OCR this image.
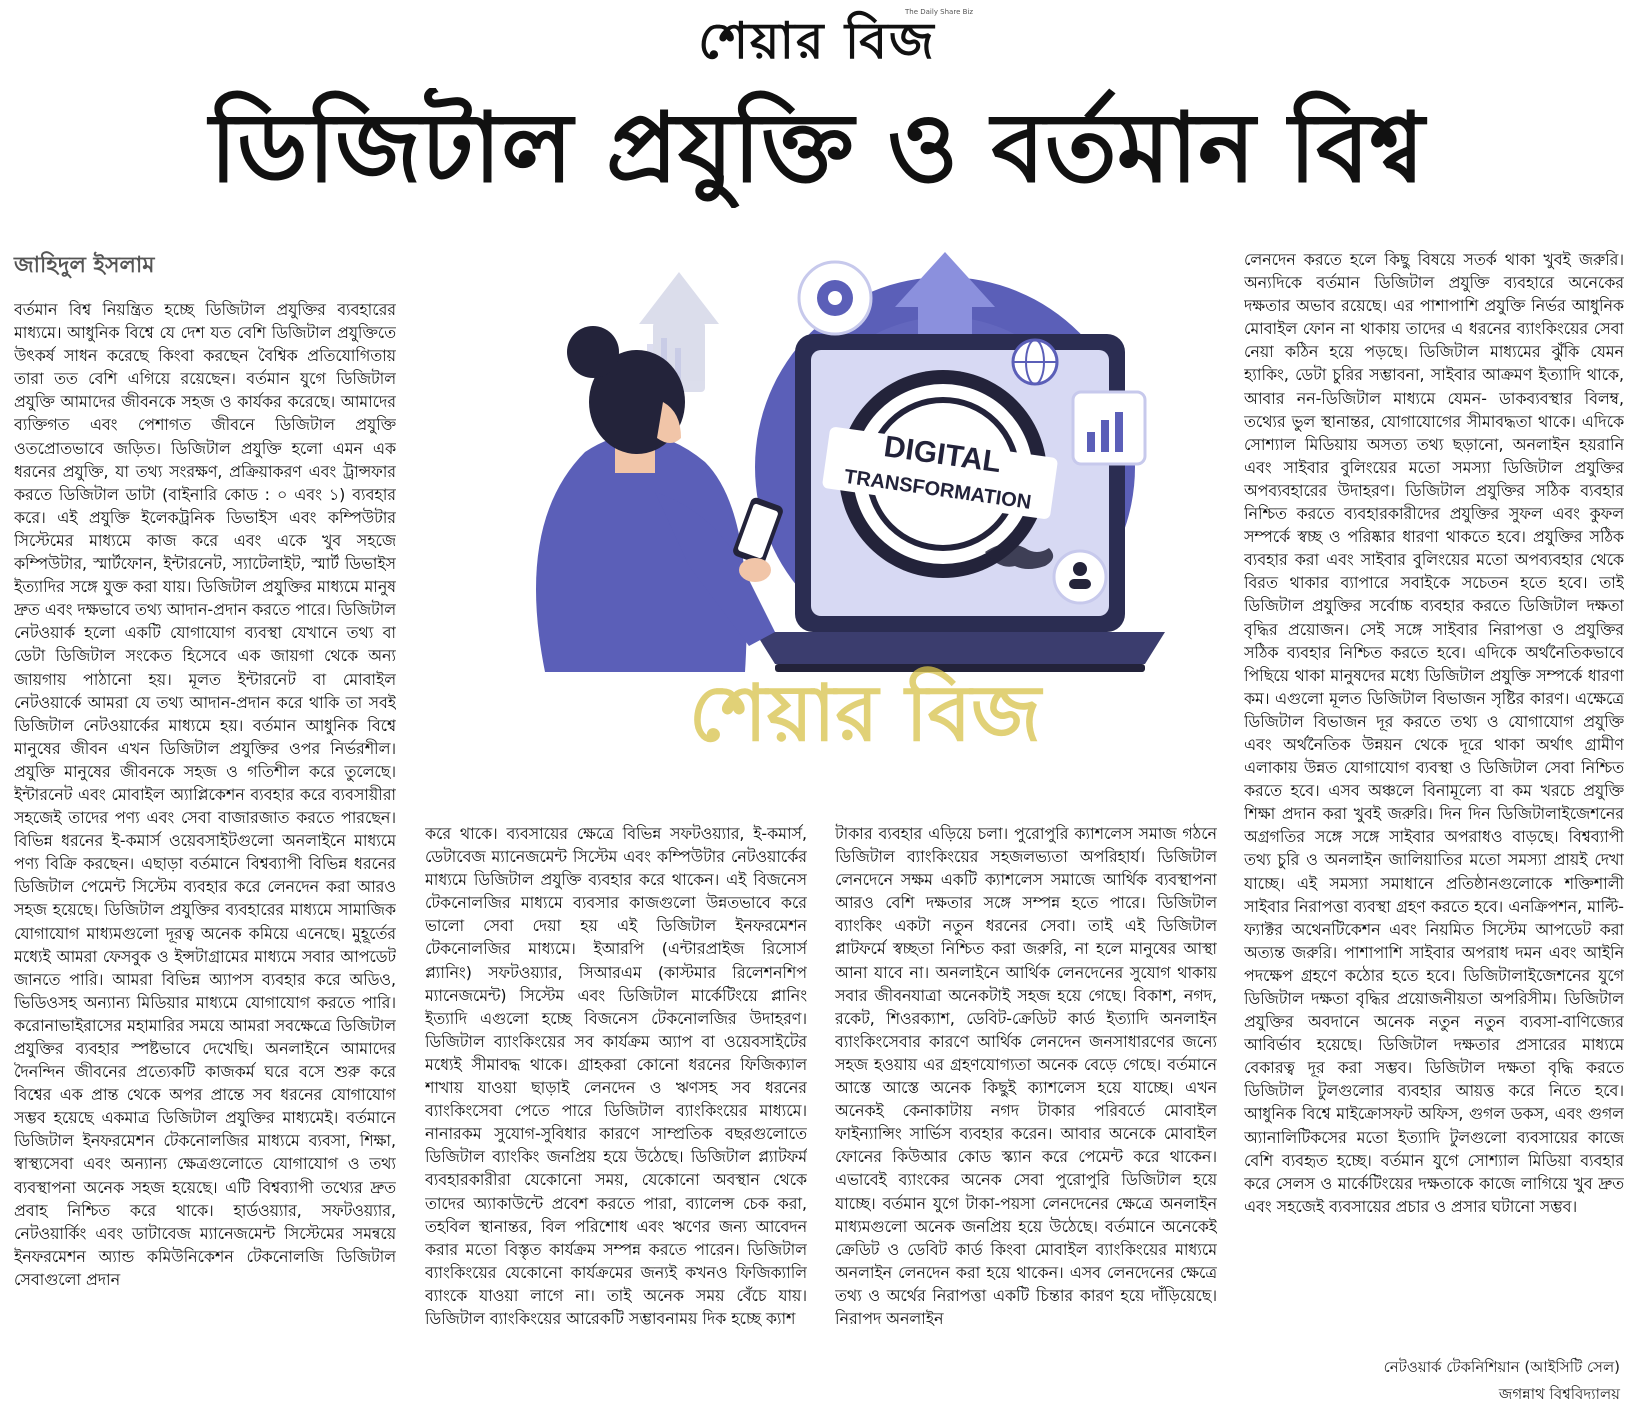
শেয়ার বিজ
The Daily Share Biz
ডিজিটাল প্রযুক্তি ও বর্তমান বিশ্ব
জাহিদুল ইসলাম

বর্তমান বিশ্ব নিয়ন্ত্রিত হচ্ছে ডিজিটাল প্রযুক্তির ব্যবহারের মাধ্যমে। আধুনিক বিশ্বে যে দেশ যত বেশি ডিজিটাল প্রযুক্তিতে উৎকর্ষ সাধন করেছে কিংবা করছেন বৈশ্বিক প্রতিযোগিতায় তারা তত বেশি এগিয়ে রয়েছেন। বর্তমান যুগে ডিজিটাল প্রযুক্তি আমাদের জীবনকে সহজ ও কার্যকর করেছে। আমাদের ব্যক্তিগত এবং পেশাগত জীবনে ডিজিটাল প্রযুক্তি ওতপ্রোতভাবে জড়িত। ডিজিটাল প্রযুক্তি হলো এমন এক ধরনের প্রযুক্তি, যা তথ্য সংরক্ষণ, প্রক্রিয়াকরণ এবং ট্রান্সফার করতে ডিজিটাল ডাটা (বাইনারি কোড : ০ এবং ১) ব্যবহার করে। এই প্রযুক্তি ইলেকট্রনিক ডিভাইস এবং কম্পিউটার সিস্টেমের মাধ্যমে কাজ করে এবং একে খুব সহজে কম্পিউটার, স্মার্টফোন, ইন্টারনেট, স্যাটেলাইট, স্মার্ট ডিভাইস ইত্যাদির সঙ্গে যুক্ত করা যায়। ডিজিটাল প্রযুক্তির মাধ্যমে মানুষ দ্রুত এবং দক্ষভাবে তথ্য আদান-প্রদান করতে পারে। ডিজিটাল নেটওয়ার্ক হলো একটি যোগাযোগ ব্যবস্থা যেখানে তথ্য বা ডেটা ডিজিটাল সংকেত হিসেবে এক জায়গা থেকে অন্য জায়গায় পাঠানো হয়। মূলত ইন্টারনেট বা মোবাইল নেটওয়ার্কে আমরা যে তথ্য আদান-প্রদান করে থাকি তা সবই ডিজিটাল নেটওয়ার্কের মাধ্যমে হয়। বর্তমান আধুনিক বিশ্বে মানুষের জীবন এখন ডিজিটাল প্রযুক্তির ওপর নির্ভরশীল। প্রযুক্তি মানুষের জীবনকে সহজ ও গতিশীল করে তুলেছে। ইন্টারনেট এবং মোবাইল অ্যাপ্লিকেশন ব্যবহার করে ব্যবসায়ীরা সহজেই তাদের পণ্য এবং সেবা বাজারজাত করতে পারছেন। বিভিন্ন ধরনের ই-কমার্স ওয়েবসাইটগুলো অনলাইনে মাধ্যমে পণ্য বিক্রি করছেন। এছাড়া বর্তমানে বিশ্বব্যাপী বিভিন্ন ধরনের ডিজিটাল পেমেন্ট সিস্টেম ব্যবহার করে লেনদেন করা আরও সহজ হয়েছে। ডিজিটাল প্রযুক্তির ব্যবহারের মাধ্যমে সামাজিক যোগাযোগ মাধ্যমগুলো দূরত্ব অনেক কমিয়ে এনেছে। মুহূর্তের মধ্যেই আমরা ফেসবুক ও ইন্সটাগ্রামের মাধ্যমে সবার আপডেট জানতে পারি। আমরা বিভিন্ন অ্যাপস ব্যবহার করে অডিও, ভিডিওসহ অন্যান্য মিডিয়ার মাধ্যমে যোগাযোগ করতে পারি। করোনাভাইরাসের মহামারির সময়ে আমরা সবক্ষেত্রে ডিজিটাল প্রযুক্তির ব্যবহার স্পষ্টভাবে দেখেছি। অনলাইনে আমাদের দৈনন্দিন জীবনের প্রত্যেকটি কাজকর্ম ঘরে বসে শুরু করে বিশ্বের এক প্রান্ত থেকে অপর প্রান্তে সব ধরনের যোগাযোগ সম্ভব হয়েছে একমাত্র ডিজিটাল প্রযুক্তির মাধ্যমেই। বর্তমানে ডিজিটাল ইনফরমেশন টেকনোলজির মাধ্যমে ব্যবসা, শিক্ষা, স্বাস্থ্যসেবা এবং অন্যান্য ক্ষেত্রগুলোতে যোগাযোগ ও তথ্য ব্যবস্থাপনা অনেক সহজ হয়েছে। এটি বিশ্বব্যাপী তথ্যের দ্রুত প্রবাহ নিশ্চিত করে থাকে। হার্ডওয়্যার, সফটওয়্যার, নেটওয়ার্কিং এবং ডাটাবেজ ম্যানেজমেন্ট সিস্টেমের সমন্বয়ে ইনফরমেশন অ্যান্ড কমিউনিকেশন টেকনোলজি ডিজিটাল সেবাগুলো প্রদান

DIGITAL
TRANSFORMATION
শেয়ার বিজ

করে থাকে। ব্যবসায়ের ক্ষেত্রে বিভিন্ন সফটওয়্যার, ই-কমার্স, ডেটাবেজ ম্যানেজমেন্ট সিস্টেম এবং কম্পিউটার নেটওয়ার্কের মাধ্যমে ডিজিটাল প্রযুক্তি ব্যবহার করে থাকেন। এই বিজনেস টেকনোলজির মাধ্যমে ব্যবসার কাজগুলো উন্নতভাবে করে ভালো সেবা দেয়া হয় এই ডিজিটাল ইনফরমেশন টেকনোলজির মাধ্যমে। ইআরপি (এন্টারপ্রাইজ রিসোর্স প্ল্যানিং) সফটওয়্যার, সিআরএম (কাস্টমার রিলেশনশিপ ম্যানেজমেন্ট) সিস্টেম এবং ডিজিটাল মার্কেটিংয়ে প্লানিং ইত্যাদি এগুলো হচ্ছে বিজনেস টেকনোলজির উদাহরণ। ডিজিটাল ব্যাংকিংয়ের সব কার্যক্রম অ্যাপ বা ওয়েবসাইটের মধ্যেই সীমাবদ্ধ থাকে। গ্রাহকরা কোনো ধরনের ফিজিক্যাল শাখায় যাওয়া ছাড়াই লেনদেন ও ঋণসহ সব ধরনের ব্যাংকিংসেবা পেতে পারে ডিজিটাল ব্যাংকিংয়ের মাধ্যমে। নানারকম সুযোগ-সুবিধার কারণে সাম্প্রতিক বছরগুলোতে ডিজিটাল ব্যাংকিং জনপ্রিয় হয়ে উঠেছে। ডিজিটাল প্ল্যাটফর্ম ব্যবহারকারীরা যেকোনো সময়, যেকোনো অবস্থান থেকে তাদের অ্যাকাউন্টে প্রবেশ করতে পারা, ব্যালেন্স চেক করা, তহবিল স্থানান্তর, বিল পরিশোধ এবং ঋণের জন্য আবেদন করার মতো বিস্তৃত কার্যক্রম সম্পন্ন করতে পারেন। ডিজিটাল ব্যাংকিংয়ের যেকোনো কার্যক্রমের জন্যই কখনও ফিজিক্যালি ব্যাংকে যাওয়া লাগে না। তাই অনেক সময় বেঁচে যায়। ডিজিটাল ব্যাংকিংয়ের আরেকটি সম্ভাবনাময় দিক হচ্ছে ক্যাশ

টাকার ব্যবহার এড়িয়ে চলা। পুরোপুরি ক্যাশলেস সমাজ গঠনে ডিজিটাল ব্যাংকিংয়ের সহজলভ্যতা অপরিহার্য। ডিজিটাল লেনদেনে সক্ষম একটি ক্যাশলেস সমাজে আর্থিক ব্যবস্থাপনা আরও বেশি দক্ষতার সঙ্গে সম্পন্ন হতে পারে। ডিজিটাল ব্যাংকিং একটা নতুন ধরনের সেবা। তাই এই ডিজিটাল প্লাটফর্মে স্বচ্ছতা নিশ্চিত করা জরুরি, না হলে মানুষের আস্থা আনা যাবে না। অনলাইনে আর্থিক লেনদেনের সুযোগ থাকায় সবার জীবনযাত্রা অনেকটাই সহজ হয়ে গেছে। বিকাশ, নগদ, রকেট, শিওরক্যাশ, ডেবিট-ক্রেডিট কার্ড ইত্যাদি অনলাইন ব্যাংকিংসেবার কারণে আর্থিক লেনদেন জনসাধারণের জন্যে সহজ হওয়ায় এর গ্রহণযোগ্যতা অনেক বেড়ে গেছে। বর্তমানে আস্তে আস্তে অনেক কিছুই ক্যাশলেস হয়ে যাচ্ছে। এখন অনেকই কেনাকাটায় নগদ টাকার পরিবর্তে মোবাইল ফাইন্যান্সিং সার্ভিস ব্যবহার করেন। আবার অনেকে মোবাইল ফোনের কিউআর কোড স্ক্যান করে পেমেন্ট করে থাকেন। এভাবেই ব্যাংকের অনেক সেবা পুরোপুরি ডিজিটাল হয়ে যাচ্ছে। বর্তমান যুগে টাকা-পয়সা লেনদেনের ক্ষেত্রে অনলাইন মাধ্যমগুলো অনেক জনপ্রিয় হয়ে উঠেছে। বর্তমানে অনেকেই ক্রেডিট ও ডেবিট কার্ড কিংবা মোবাইল ব্যাংকিংয়ের মাধ্যমে অনলাইন লেনদেন করা হয়ে থাকেন। এসব লেনদেনের ক্ষেত্রে তথ্য ও অর্থের নিরাপত্তা একটি চিন্তার কারণ হয়ে দাঁড়িয়েছে। নিরাপদ অনলাইন

লেনদেন করতে হলে কিছু বিষয়ে সতর্ক থাকা খুবই জরুরি। অন্যদিকে বর্তমান ডিজিটাল প্রযুক্তি ব্যবহারে অনেকের দক্ষতার অভাব রয়েছে। এর পাশাপাশি প্রযুক্তি নির্ভর আধুনিক মোবাইল ফোন না থাকায় তাদের এ ধরনের ব্যাংকিংয়ের সেবা নেয়া কঠিন হয়ে পড়ছে। ডিজিটাল মাধ্যমের ঝুঁকি যেমন হ্যাকিং, ডেটা চুরির সম্ভাবনা, সাইবার আক্রমণ ইত্যাদি থাকে, আবার নন-ডিজিটাল মাধ্যমে যেমন- ডাকব্যবস্থার বিলম্ব, তথ্যের ভুল স্থানান্তর, যোগাযোগের সীমাবদ্ধতা থাকে। এদিকে সোশ্যাল মিডিয়ায় অসত্য তথ্য ছড়ানো, অনলাইন হয়রানি এবং সাইবার বুলিংয়ের মতো সমস্যা ডিজিটাল প্রযুক্তির অপব্যবহারের উদাহরণ। ডিজিটাল প্রযুক্তির সঠিক ব্যবহার নিশ্চিত করতে ব্যবহারকারীদের প্রযুক্তির সুফল এবং কুফল সম্পর্কে স্বচ্ছ ও পরিষ্কার ধারণা থাকতে হবে। প্রযুক্তির সঠিক ব্যবহার করা এবং সাইবার বুলিংয়ের মতো অপব্যবহার থেকে বিরত থাকার ব্যাপারে সবাইকে সচেতন হতে হবে। তাই ডিজিটাল প্রযুক্তির সর্বোচ্চ ব্যবহার করতে ডিজিটাল দক্ষতা বৃদ্ধির প্রয়োজন। সেই সঙ্গে সাইবার নিরাপত্তা ও প্রযুক্তির সঠিক ব্যবহার নিশ্চিত করতে হবে। এদিকে অর্থনৈতিকভাবে পিছিয়ে থাকা মানুষদের মধ্যে ডিজিটাল প্রযুক্তি সম্পর্কে ধারণা কম। এগুলো মূলত ডিজিটাল বিভাজন সৃষ্টির কারণ। এক্ষেত্রে ডিজিটাল বিভাজন দূর করতে তথ্য ও যোগাযোগ প্রযুক্তি এবং অর্থনৈতিক উন্নয়ন থেকে দূরে থাকা অর্থাৎ গ্রামীণ এলাকায় উন্নত যোগাযোগ ব্যবস্থা ও ডিজিটাল সেবা নিশ্চিত করতে হবে। এসব অঞ্চলে বিনামূল্যে বা কম খরচে প্রযুক্তি শিক্ষা প্রদান করা খুবই জরুরি। দিন দিন ডিজিটালাইজেশনের অগ্রগতির সঙ্গে সঙ্গে সাইবার অপরাধও বাড়ছে। বিশ্বব্যাপী তথ্য চুরি ও অনলাইন জালিয়াতির মতো সমস্যা প্রায়ই দেখা যাচ্ছে। এই সমস্যা সমাধানে প্রতিষ্ঠানগুলোকে শক্তিশালী সাইবার নিরাপত্তা ব্যবস্থা গ্রহণ করতে হবে। এনক্রিপশন, মাল্টি-ফ্যাক্টর অথেনটিকেশন এবং নিয়মিত সিস্টেম আপডেট করা অত্যন্ত জরুরি। পাশাপাশি সাইবার অপরাধ দমন এবং আইনি পদক্ষেপ গ্রহণে কঠোর হতে হবে। ডিজিটালাইজেশনের যুগে ডিজিটাল দক্ষতা বৃদ্ধির প্রয়োজনীয়তা অপরিসীম। ডিজিটাল প্রযুক্তির অবদানে অনেক নতুন নতুন ব্যবসা-বাণিজ্যের আবির্ভাব হয়েছে। ডিজিটাল দক্ষতার প্রসারের মাধ্যমে বেকারত্ব দূর করা সম্ভব। ডিজিটাল দক্ষতা বৃদ্ধি করতে ডিজিটাল টুলগুলোর ব্যবহার আয়ত্ত করে নিতে হবে। আধুনিক বিশ্বে মাইক্রোসফট অফিস, গুগল ডকস, এবং গুগল অ্যানালিটিকসের মতো ইত্যাদি টুলগুলো ব্যবসায়ের কাজে বেশি ব্যবহৃত হচ্ছে। বর্তমান যুগে সোশ্যাল মিডিয়া ব্যবহার করে সেলস ও মার্কেটিংয়ের দক্ষতাকে কাজে লাগিয়ে খুব দ্রুত এবং সহজেই ব্যবসায়ের প্রচার ও প্রসার ঘটানো সম্ভব।

নেটওয়ার্ক টেকনিশিয়ান (আইসিটি সেল)
জগন্নাথ বিশ্ববিদ্যালয়
